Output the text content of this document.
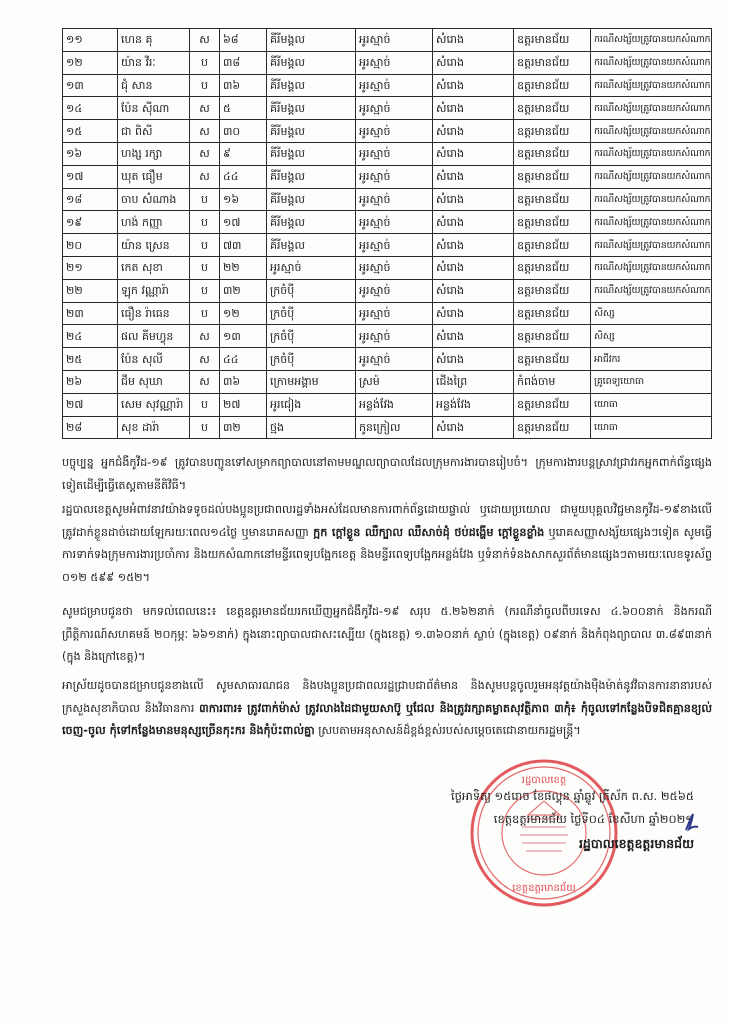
១១	ហេន គុ	ស	៦៨	គីរីមង្គល	អូរស្មាច់	សំរោង	ឧត្តរមានជ័យ	ករណីសង្ស័យត្រូវបានយកសំណាក
១២	យ៉ាន វីរៈ	ប	៣៨	គីរីមង្គល	អូរស្មាច់	សំរោង	ឧត្តរមានជ័យ	ករណីសង្ស័យត្រូវបានយកសំណាក
១៣	ជុំ សាន	ប	៣៦	គីរីមង្គល	អូរស្មាច់	សំរោង	ឧត្តរមានជ័យ	ករណីសង្ស័យត្រូវបានយកសំណាក
១៤	ប៉ែន ស៊ីណា	ស	៥	គីរីមង្គល	អូរស្មាច់	សំរោង	ឧត្តរមានជ័យ	ករណីសង្ស័យត្រូវបានយកសំណាក
១៥	ជា ពិសី	ស	៣០	គីរីមង្គល	អូរស្មាច់	សំរោង	ឧត្តរមានជ័យ	ករណីសង្ស័យត្រូវបានយកសំណាក
១៦	ហង្ស រក្សា	ស	៩	គីរីមង្គល	អូរស្មាច់	សំរោង	ឧត្តរមានជ័យ	ករណីសង្ស័យត្រូវបានយកសំណាក
១៧	ឃុត ធឿម	ស	៤៤	គីរីមង្គល	អូរស្មាច់	សំរោង	ឧត្តរមានជ័យ	ករណីសង្ស័យត្រូវបានយកសំណាក
១៨	ចាប សំណាង	ប	១៦	គីរីមង្គល	អូរស្មាច់	សំរោង	ឧត្តរមានជ័យ	ករណីសង្ស័យត្រូវបានយកសំណាក
១៩	ហង់ កញ្ញា	ប	១៧	គីរីមង្គល	អូរស្មាច់	សំរោង	ឧត្តរមានជ័យ	ករណីសង្ស័យត្រូវបានយកសំណាក
២០	យ៉ាន ស្រេន	ប	៧៣	គីរីមង្គល	អូរស្មាច់	សំរោង	ឧត្តរមានជ័យ	ករណីសង្ស័យត្រូវបានយកសំណាក
២១	កេត សុខា	ប	២២	អូរស្មាច់	អូរស្មាច់	សំរោង	ឧត្តរមានជ័យ	ករណីសង្ស័យត្រូវបានយកសំណាក
២២	ឡុក វណ្ណារ៉ា	ប	៣២	ក្រចំប៉ី	អូរស្មាច់	សំរោង	ឧត្តរមានជ័យ	ករណីសង្ស័យត្រូវបានយកសំណាក
២៣	ធឿន រ៉ាធេន	ប	១២	ក្រចំប៉ី	អូរស្មាច់	សំរោង	ឧត្តរមានជ័យ	សិស្ស
២៤	ផល គីមហ្វុន	ស	១៣	ក្រចំប៉ី	អូរស្មាច់	សំរោង	ឧត្តរមានជ័យ	សិស្ស
២៥	ប៉ែន សុលី	ស	៤៤	ក្រចំប៉ី	អូរស្មាច់	សំរោង	ឧត្តរមានជ័យ	អាជីវករ
២៦	ជឹម សុឃា	ស	៣៦	ក្រោមអង្គាម	ស្រម៉	ជើងព្រៃ	កំពង់ចាម	គ្រូពេទ្យយោធា
២៧	សេម សុវណ្ណារ៉ា	ប	២៧	អូរជៀង	អន្លង់វែង	អន្លង់វែង	ឧត្តរមានជ័យ	យោធា
២៨	សុខ ដារ៉ា	ប	៣២	ថ្មង	កូនក្រៀល	សំរោង	ឧត្តរមានជ័យ	យោធា
បច្ចុប្បន្ន អ្នកជំងឺកូវីដ-១៩ ត្រូវបានបញ្ជូនទៅសម្រាកព្យាបាលនៅតាមមណ្ឌលព្យាបាលដែលក្រុមការងារបានរៀបចំ។ ក្រុមការងារបន្តស្រាវជ្រាវរកអ្នកពាក់ព័ន្ធផ្សេងទៀតដើម្បីធ្វើតេស្តតាមនីតិវិធី។
រដ្ឋបាលខេត្តសូមអំពាវនាវយ៉ាងទទូចដល់បងប្អូនប្រជាពលរដ្ឋទាំងអស់ដែលមានការពាក់ព័ន្ធដោយផ្ទាល់ ឬដោយប្រយោល ជាមួយបុគ្គលវិជ្ជមានកូវីដ-១៩ខាងលើ ត្រូវដាក់ខ្លួនដាច់ដោយឡែករយៈពេល១៤ថ្ងៃ ឬមានរោគសញ្ញា ក្អក ក្តៅខ្លួន ឈឺក្បាល ឈឺសាច់ដុំ ថប់ដង្ហើម ក្តៅខ្លួនខ្លាំង ឬរោគសញ្ញាសង្ស័យផ្សេងៗទៀត សូមធ្វើការទាក់ទងក្រុមការងារប្រចាំការ និងយកសំណាកនៅមន្ទីរពេទ្យបង្អែកខេត្ត និងមន្ទីរពេទ្យបង្អែកអន្លង់វែង ឬទំនាក់ទំនងសាកសួរព័ត៌មានផ្សេងៗតាមរយៈលេខទូរស័ព្ទ ០១២ ៥៩៩ ១៥២។
សូមជម្រាបជូនថា មកទល់ពេលនេះ៖ ខេត្តឧត្តរមានជ័យរកឃើញអ្នកជំងឺកូវីដ-១៩ សរុប ៥.២៦២នាក់ (ករណីនាំចូលពីបរទេស ៤.៦០០នាក់ និងករណីព្រឹត្តិការណ៍សហគមន៍ ២០កុម្ភៈ ៦៦១នាក់) ក្នុងនោះព្យាបាលជាសះស្បើយ (ក្នុងខេត្ត) ១.៣៦០នាក់ ស្លាប់ (ក្នុងខេត្ត) ០៩នាក់ និងកំពុងព្យាបាល ៣.៨៩៣នាក់ (ក្នុង និងក្រៅខេត្ត)។
អាស្រ័យដូចបានជម្រាបជូនខាងលើ សូមសាធារណជន និងបងប្អូនប្រជាពលរដ្ឋជ្រាបជាព័ត៌មាន និងសូមបន្តចូលរួមអនុវត្តយ៉ាងម៉ឺងម៉ាត់នូវវិធានការនានារបស់ក្រសួងសុខាភិបាល និងវិធានការ ៣ការពារ៖ ត្រូវពាក់ម៉ាស់ ត្រូវលាងដៃជាមួយសាប៊ូ ឬជែល និងត្រូវរក្សាគម្លាតសុវត្ថិភាព ៣កុំ៖ កុំចូលទៅកន្លែងបិទជិតគ្មានខ្យល់ចេញ-ចូល កុំទៅកន្លែងមានមនុស្សច្រើនកុះករ និងកុំប៉ះពាល់គ្នា ស្របតាមអនុសាសន៍ដ៏ខ្ពង់ខ្ពស់របស់សម្តេចតេជោនាយករដ្ឋមន្ត្រី។
រដ្ឋបាលខេត្ត
ខេត្តឧត្តរមានជ័យ
ថ្ងៃអាទិត្យ ១៥រោច ខែផល្គុន ឆ្នាំឆ្លូវ ត្រីស័ក ព.ស. ២៥៦៥
ខេត្តឧត្តរមានជ័យ ថ្ងៃទី០៤ ខែសីហា ឆ្នាំ២០២១
រដ្ឋបាលខេត្តឧត្តរមានជ័យ
